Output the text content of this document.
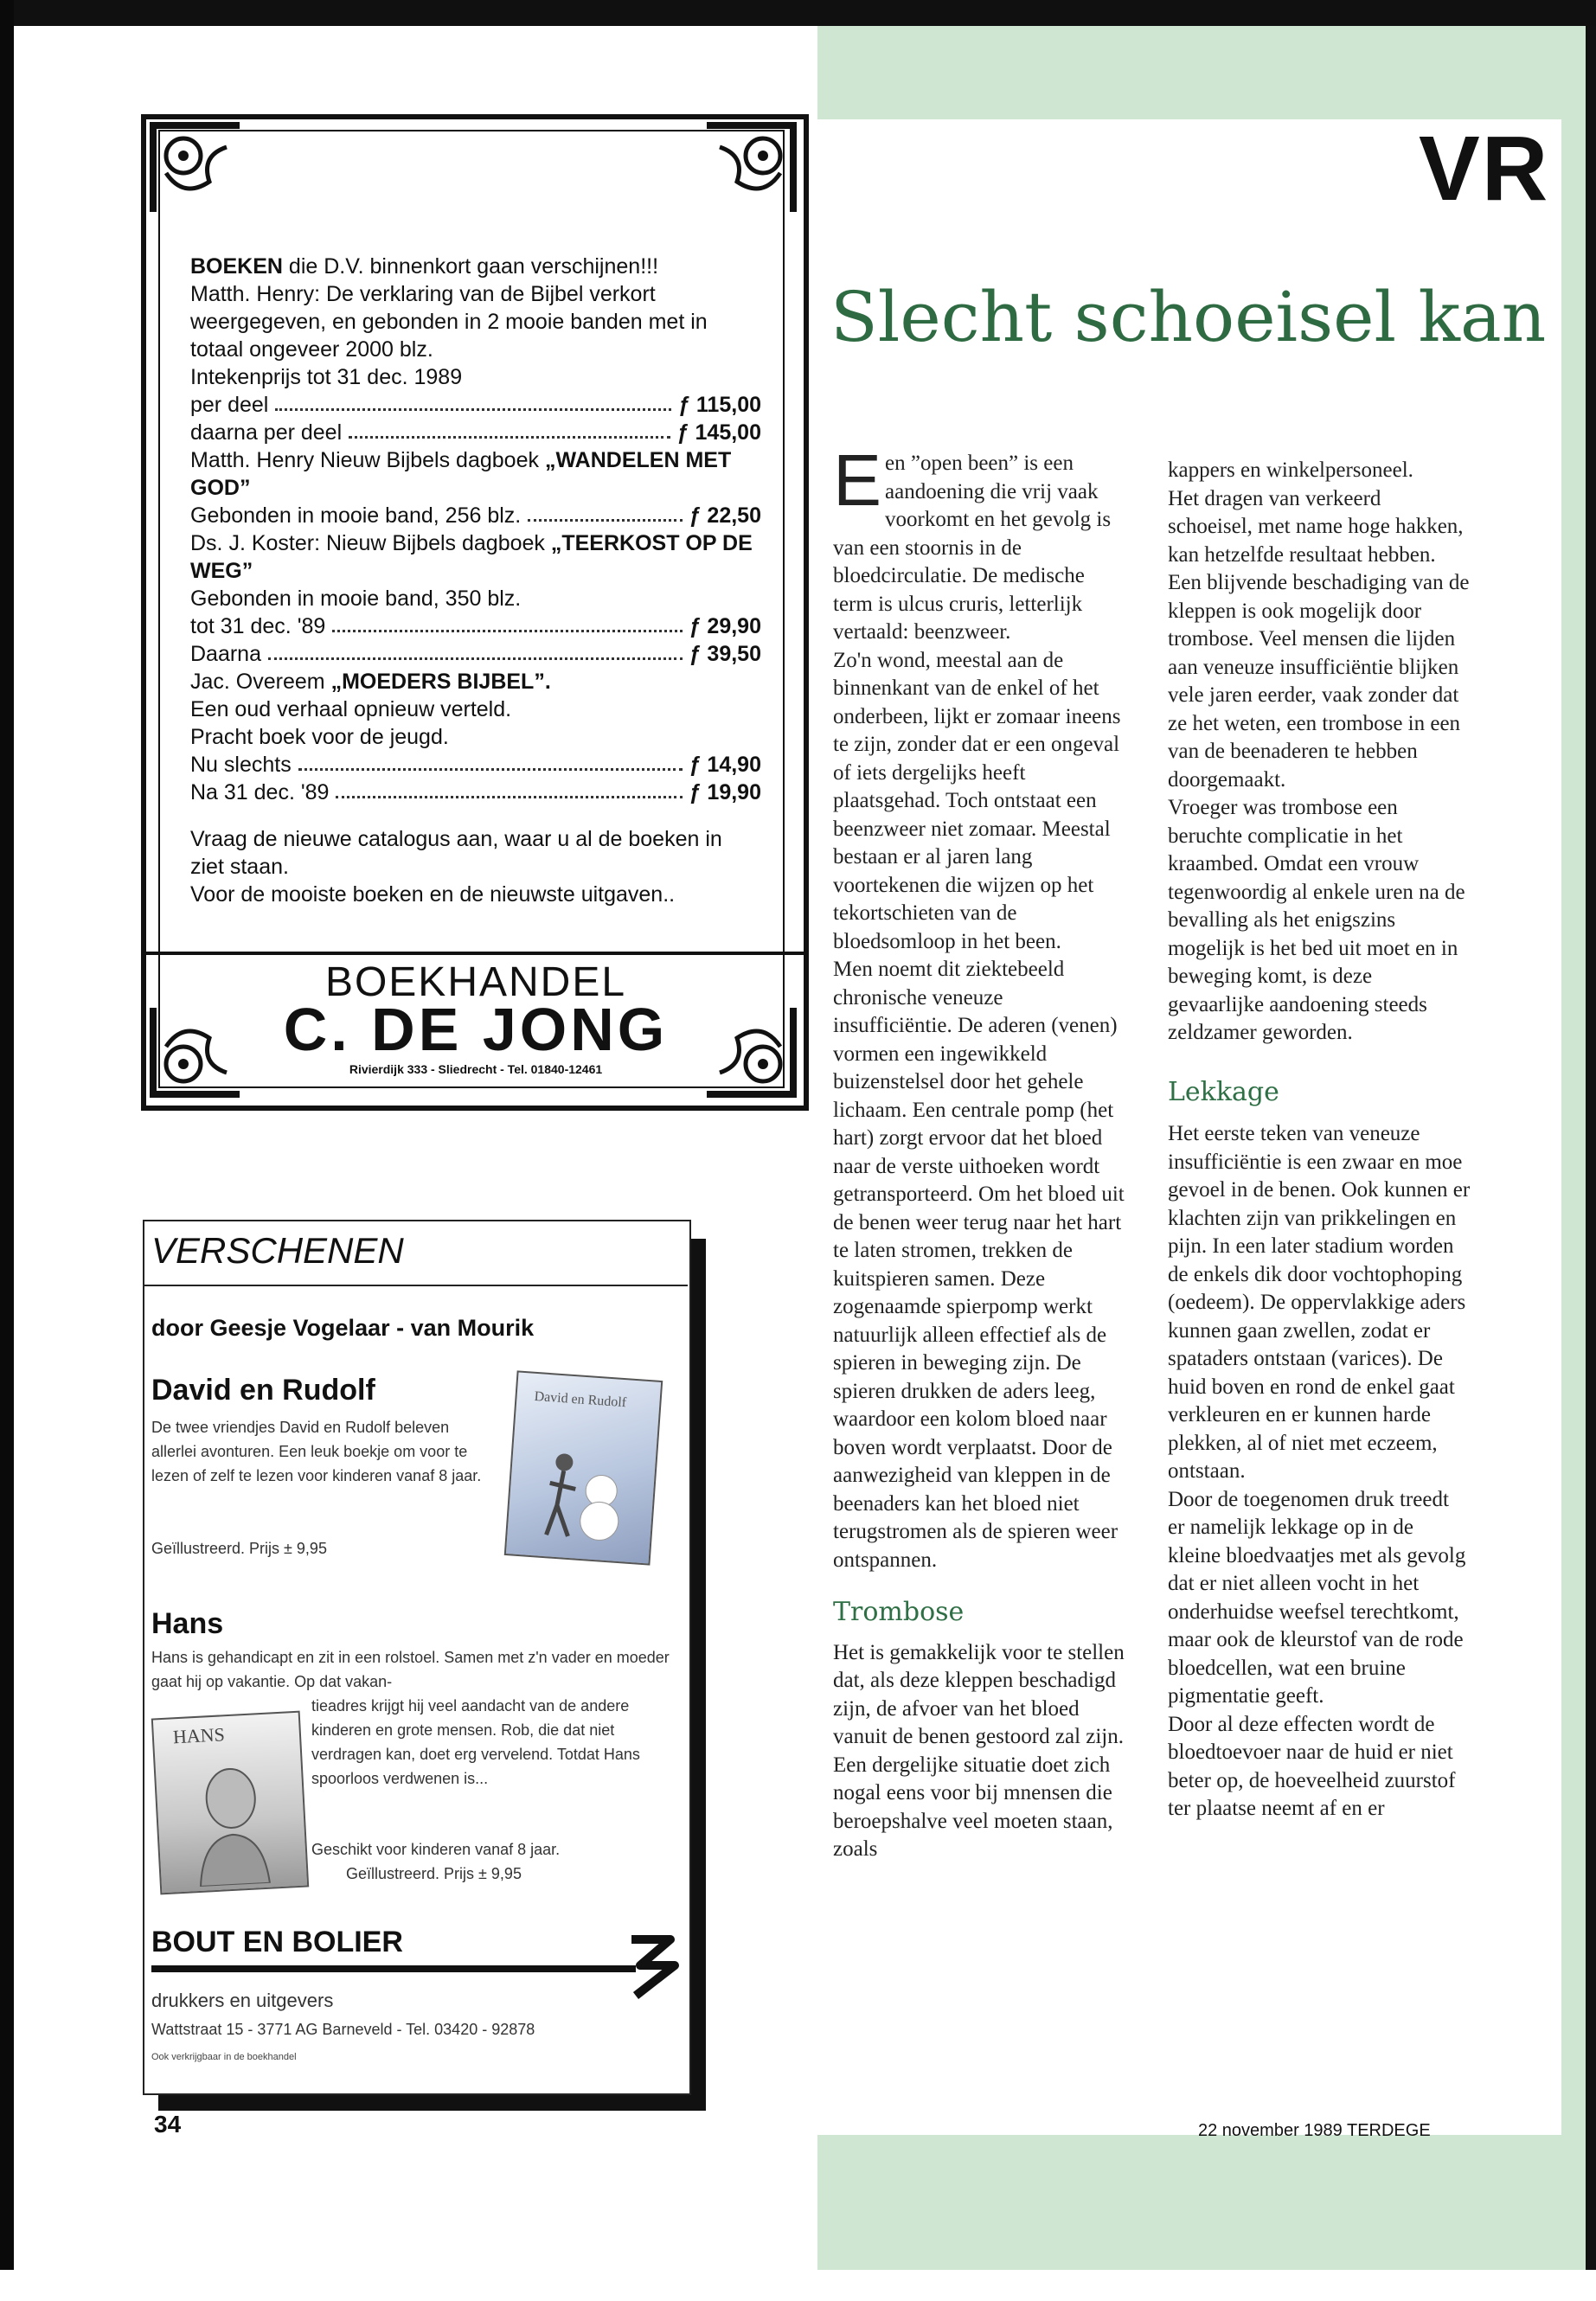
BOEKEN die D.V. binnenkort gaan verschijnen!!!

Matth. Henry: De verklaring van de Bijbel verkort weergegeven, en gebonden in 2 mooie banden met in totaal ongeveer 2000 blz.

Intekenprijs tot 31 dec. 1989

per deel	ƒ 115,00
daarna per deel	ƒ 145,00

Matth. Henry Nieuw Bijbels dagboek „WANDELEN MET GOD”

Gebonden in mooie band, 256 blz.	ƒ 22,50

Ds. J. Koster: Nieuw Bijbels dagboek „TEERKOST OP DE WEG”

Gebonden in mooie band, 350 blz.

tot 31 dec. '89	ƒ 29,90
Daarna	ƒ 39,50

Jac. Overeem „MOEDERS BIJBEL”.

Een oud verhaal opnieuw verteld.

Pracht boek voor de jeugd.

Nu slechts	ƒ 14,90
Na 31 dec. '89	ƒ 19,90

Vraag de nieuwe catalogus aan, waar u al de boeken in ziet staan.

Voor de mooiste boeken en de nieuwste uitgaven..

BOEKHANDEL
C. DE JONG
Rivierdijk 333 - Sliedrecht - Tel. 01840-12461
VERSCHENEN
door Geesje Vogelaar - van Mourik
David en Rudolf
De twee vriendjes David en Rudolf beleven allerlei avonturen. Een leuk boekje om voor te lezen of zelf te lezen voor kinderen vanaf 8 jaar.
Geïllustreerd. Prijs ± 9,95
David en Rudolf
Hans
Hans is gehandicapt en zit in een rolstoel. Samen met z'n vader en moeder gaat hij op vakantie. Op dat vakan-
HANS
tieadres krijgt hij veel aandacht van de andere kinderen en grote mensen. Rob, die dat niet verdragen kan, doet erg vervelend. Totdat Hans spoorloos verdwenen is...
Geschikt voor kinderen vanaf 8 jaar.
Geïllustreerd. Prijs ± 9,95
BOUT EN BOLIER
drukkers en uitgevers
Wattstraat 15 - 3771 AG Barneveld - Tel. 03420 - 92878
Ook verkrijgbaar in de boekhandel
VR
Slecht schoeisel kan

Een ”open been” is een aandoening die vrij vaak voorkomt en het gevolg is van een stoornis in de bloedcirculatie. De medische term is ulcus cruris, letterlijk vertaald: beenzweer.

Zo'n wond, meestal aan de binnenkant van de enkel of het onderbeen, lijkt er zomaar ineens te zijn, zonder dat er een ongeval of iets dergelijks heeft plaatsgehad. Toch ontstaat een beenzweer niet zomaar. Meestal bestaan er al jaren lang voortekenen die wijzen op het tekortschieten van de bloedsomloop in het been.

Men noemt dit ziektebeeld chronische veneuze insufficiëntie. De aderen (venen) vormen een ingewikkeld buizenstelsel door het gehele lichaam. Een centrale pomp (het hart) zorgt ervoor dat het bloed naar de verste uithoeken wordt getransporteerd. Om het bloed uit de benen weer terug naar het hart te laten stromen, trekken de kuitspieren samen. Deze zogenaamde spierpomp werkt natuurlijk alleen effectief als de spieren in beweging zijn. De spieren drukken de aders leeg, waardoor een kolom bloed naar boven wordt verplaatst. Door de aanwezigheid van kleppen in de beenaders kan het bloed niet terugstromen als de spieren weer ontspannen.

Trombose

Het is gemakkelijk voor te stellen dat, als deze kleppen beschadigd zijn, de afvoer van het bloed vanuit de benen gestoord zal zijn. Een dergelijke situatie doet zich nogal eens voor bij mnensen die beroepshalve veel moeten staan, zoals

kappers en winkelpersoneel.

Het dragen van verkeerd schoeisel, met name hoge hakken, kan hetzelfde resultaat hebben. Een blijvende beschadiging van de kleppen is ook mogelijk door trombose. Veel mensen die lijden aan veneuze insufficiëntie blijken vele jaren eerder, vaak zonder dat ze het weten, een trombose in een van de beenaderen te hebben doorgemaakt.

Vroeger was trombose een beruchte complicatie in het kraambed. Omdat een vrouw tegenwoordig al enkele uren na de bevalling als het enigszins mogelijk is het bed uit moet en in beweging komt, is deze gevaarlijke aandoening steeds zeldzamer geworden.

Lekkage

Het eerste teken van veneuze insufficiëntie is een zwaar en moe gevoel in de benen. Ook kunnen er klachten zijn van prikkelingen en pijn. In een later stadium worden de enkels dik door vochtophoping (oedeem). De oppervlakkige aders kunnen gaan zwellen, zodat er spataders ontstaan (varices). De huid boven en rond de enkel gaat verkleuren en er kunnen harde plekken, al of niet met eczeem, ontstaan.

Door de toegenomen druk treedt er namelijk lekkage op in de kleine bloedvaatjes met als gevolg dat er niet alleen vocht in het onderhuidse weefsel terechtkomt, maar ook de kleurstof van de rode bloedcellen, wat een bruine pigmentatie geeft.

Door al deze effecten wordt de bloedtoevoer naar de huid er niet beter op, de hoeveelheid zuurstof ter plaatse neemt af en er

34	22 november 1989 TERDEGE
